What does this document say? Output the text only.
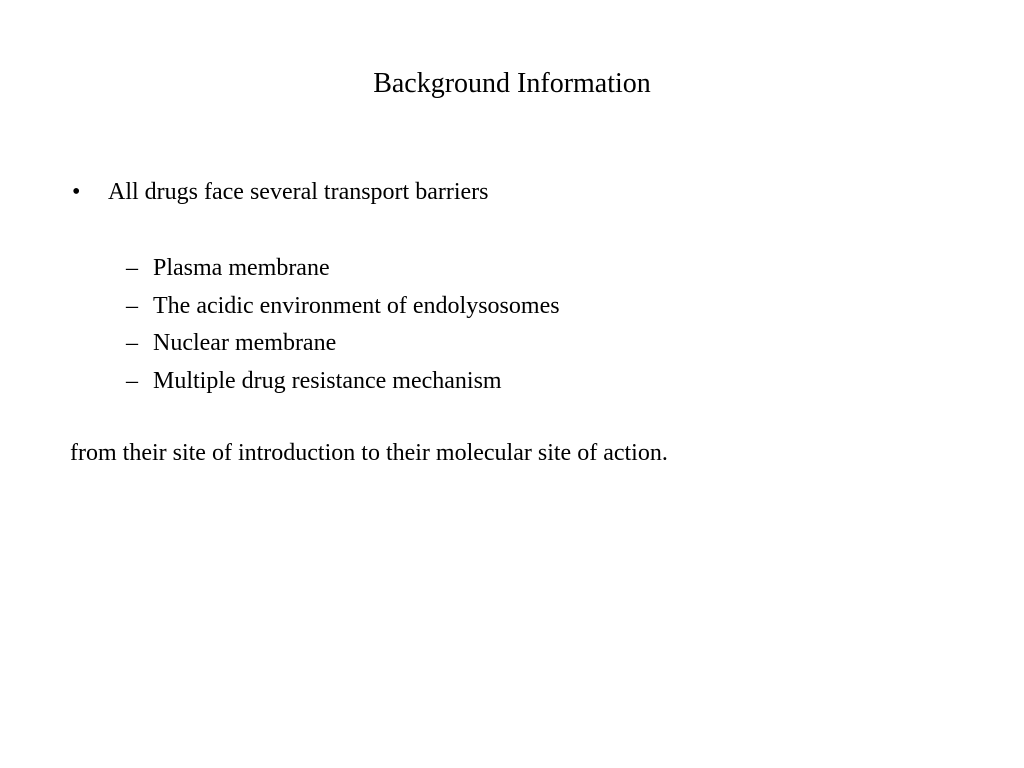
Background Information
• All drugs face several transport barriers
– Plasma membrane
– The acidic environment of endolysosomes
– Nuclear membrane
– Multiple drug resistance mechanism

from their site of introduction to their molecular site of action.
